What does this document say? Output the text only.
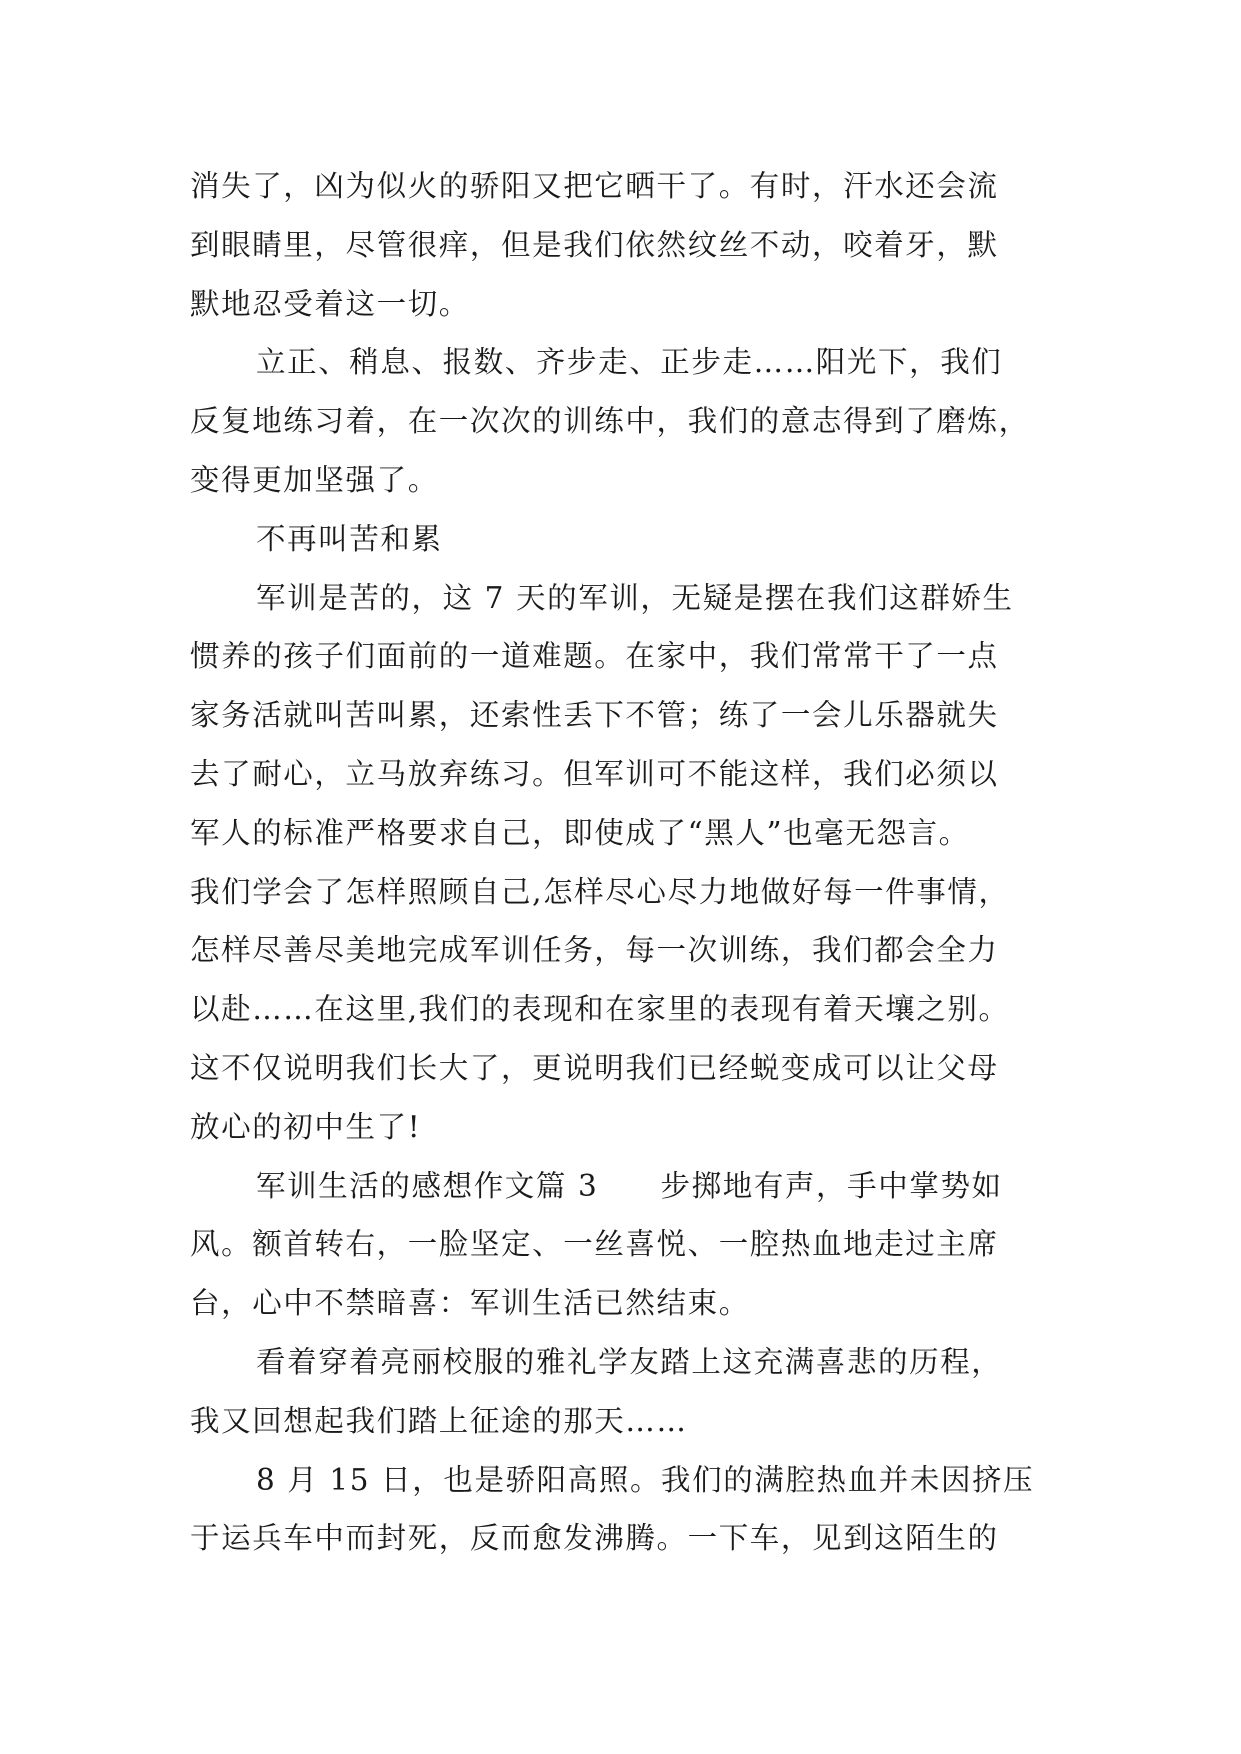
消失了，凶为似火的骄阳又把它晒干了。有时，汗水还会流
到眼睛里，尽管很痒，但是我们依然纹丝不动，咬着牙，默
默地忍受着这一切。
立正、稍息、报数、齐步走、正步走……阳光下，我们
反复地练习着，在一次次的训练中，我们的意志得到了磨炼，
变得更加坚强了。
不再叫苦和累
军训是苦的，这 7 天的军训，无疑是摆在我们这群娇生
惯养的孩子们面前的一道难题。在家中，我们常常干了一点
家务活就叫苦叫累，还索性丢下不管；练了一会儿乐器就失
去了耐心，立马放弃练习。但军训可不能这样，我们必须以
军人的标准严格要求自己，即使成了“黑人”也毫无怨言。
我们学会了怎样照顾自己,怎样尽心尽力地做好每一件事情，
怎样尽善尽美地完成军训任务，每一次训练，我们都会全力
以赴……在这里,我们的表现和在家里的表现有着天壤之别。
这不仅说明我们长大了，更说明我们已经蜕变成可以让父母
放心的初中生了!
军训生活的感想作文篇 3　　步掷地有声，手中掌势如
风。额首转右，一脸坚定、一丝喜悦、一腔热血地走过主席
台，心中不禁暗喜：军训生活已然结束。
看着穿着亮丽校服的雅礼学友踏上这充满喜悲的历程，
我又回想起我们踏上征途的那天……
8 月 15 日，也是骄阳高照。我们的满腔热血并未因挤压
于运兵车中而封死，反而愈发沸腾。一下车，见到这陌生的
